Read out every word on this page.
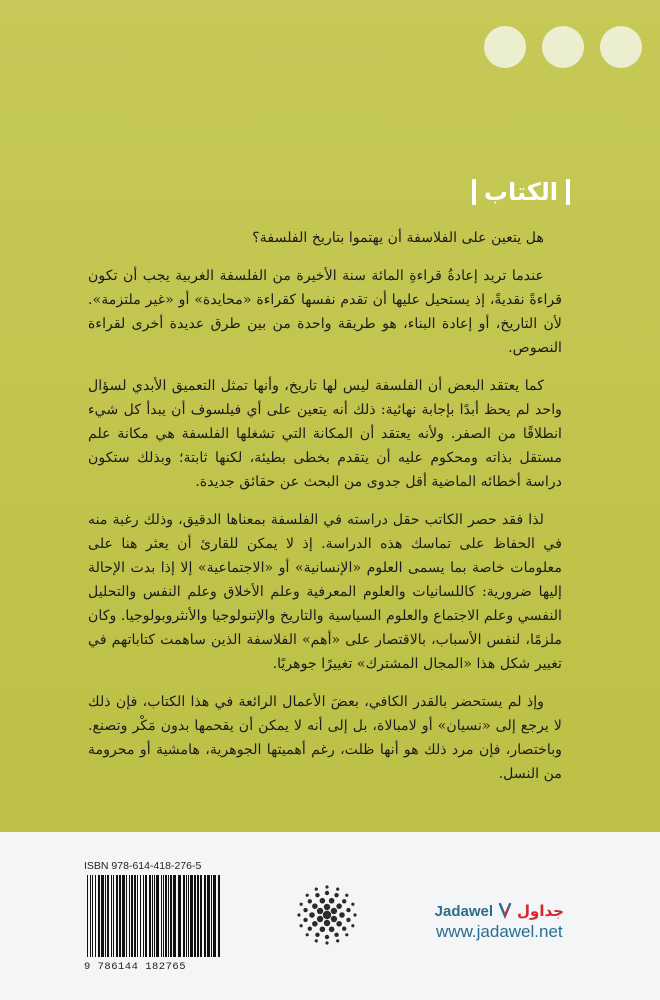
الكتاب

هل يتعين على الفلاسفة أن يهتموا بتاريخ الفلسفة؟

عندما تريد إعادةُ قراءةِ المائة سنة الأخيرة من الفلسفة الغربية يجب أن تكون قراءةً نقديةً، إذ يستحيل عليها أن تقدم نفسها كقراءة «محايدة» أو «غير ملتزمة». لأن التاريخ، أو إعادة البناء، هو طريقة واحدة من بين طرق عديدة أخرى لقراءة النصوص.

كما يعتقد البعض أن الفلسفة ليس لها تاريخ، وأنها تمثل التعميق الأبدي لسؤال واحد لم يحظ أبدًا بإجابة نهائية: ذلك أنه يتعين على أي فيلسوف أن يبدأ كل شيء انطلاقًا من الصفر. ولأنه يعتقد أن المكانة التي تشغلها الفلسفة هي مكانة علم مستقل بذاته ومحكوم عليه أن يتقدم بخطى بطيئة، لكنها ثابتة؛ وبذلك ستكون دراسة أخطائه الماضية أقل جدوى من البحث عن حقائق جديدة.

لذا فقد حصر الكاتب حقل دراسته في الفلسفة بمعناها الدقيق، وذلك رغبة منه في الحفاظ على تماسك هذه الدراسة. إذ لا يمكن للقارئ أن يعثر هنا على معلومات خاصة بما يسمى العلوم «الإنسانية» أو «الاجتماعية» إلا إذا بدت الإحالة إليها ضرورية: كاللسانيات والعلوم المعرفية وعلم الأخلاق وعلم النفس والتحليل النفسي وعلم الاجتماع والعلوم السياسية والتاريخ والإتنولوجيا والأنثروبولوجيا. وكان ملزمًا، لنفس الأسباب، بالاقتصار على «أهم» الفلاسفة الذين ساهمت كتاباتهم في تغيير شكل هذا «المجال المشترك» تغييرًا جوهريًا.

وإذ لم يستحضر بالقدر الكافي، بعضَ الأعمال الرائعة في هذا الكتاب، فإن ذلك لا يرجع إلى «نسيان» أو لامبالاة، بل إلى أنه لا يمكن أن يقحمها بدون مَكْر وتصنع. وباختصار، فإن مرد ذلك هو أنها ظلت، رغم أهميتها الجوهرية، هامشية أو محرومة من النسل.

ISBN 978-614-418-276-5
9 786144 182765
Jadawel جداول
www.jadawel.net
